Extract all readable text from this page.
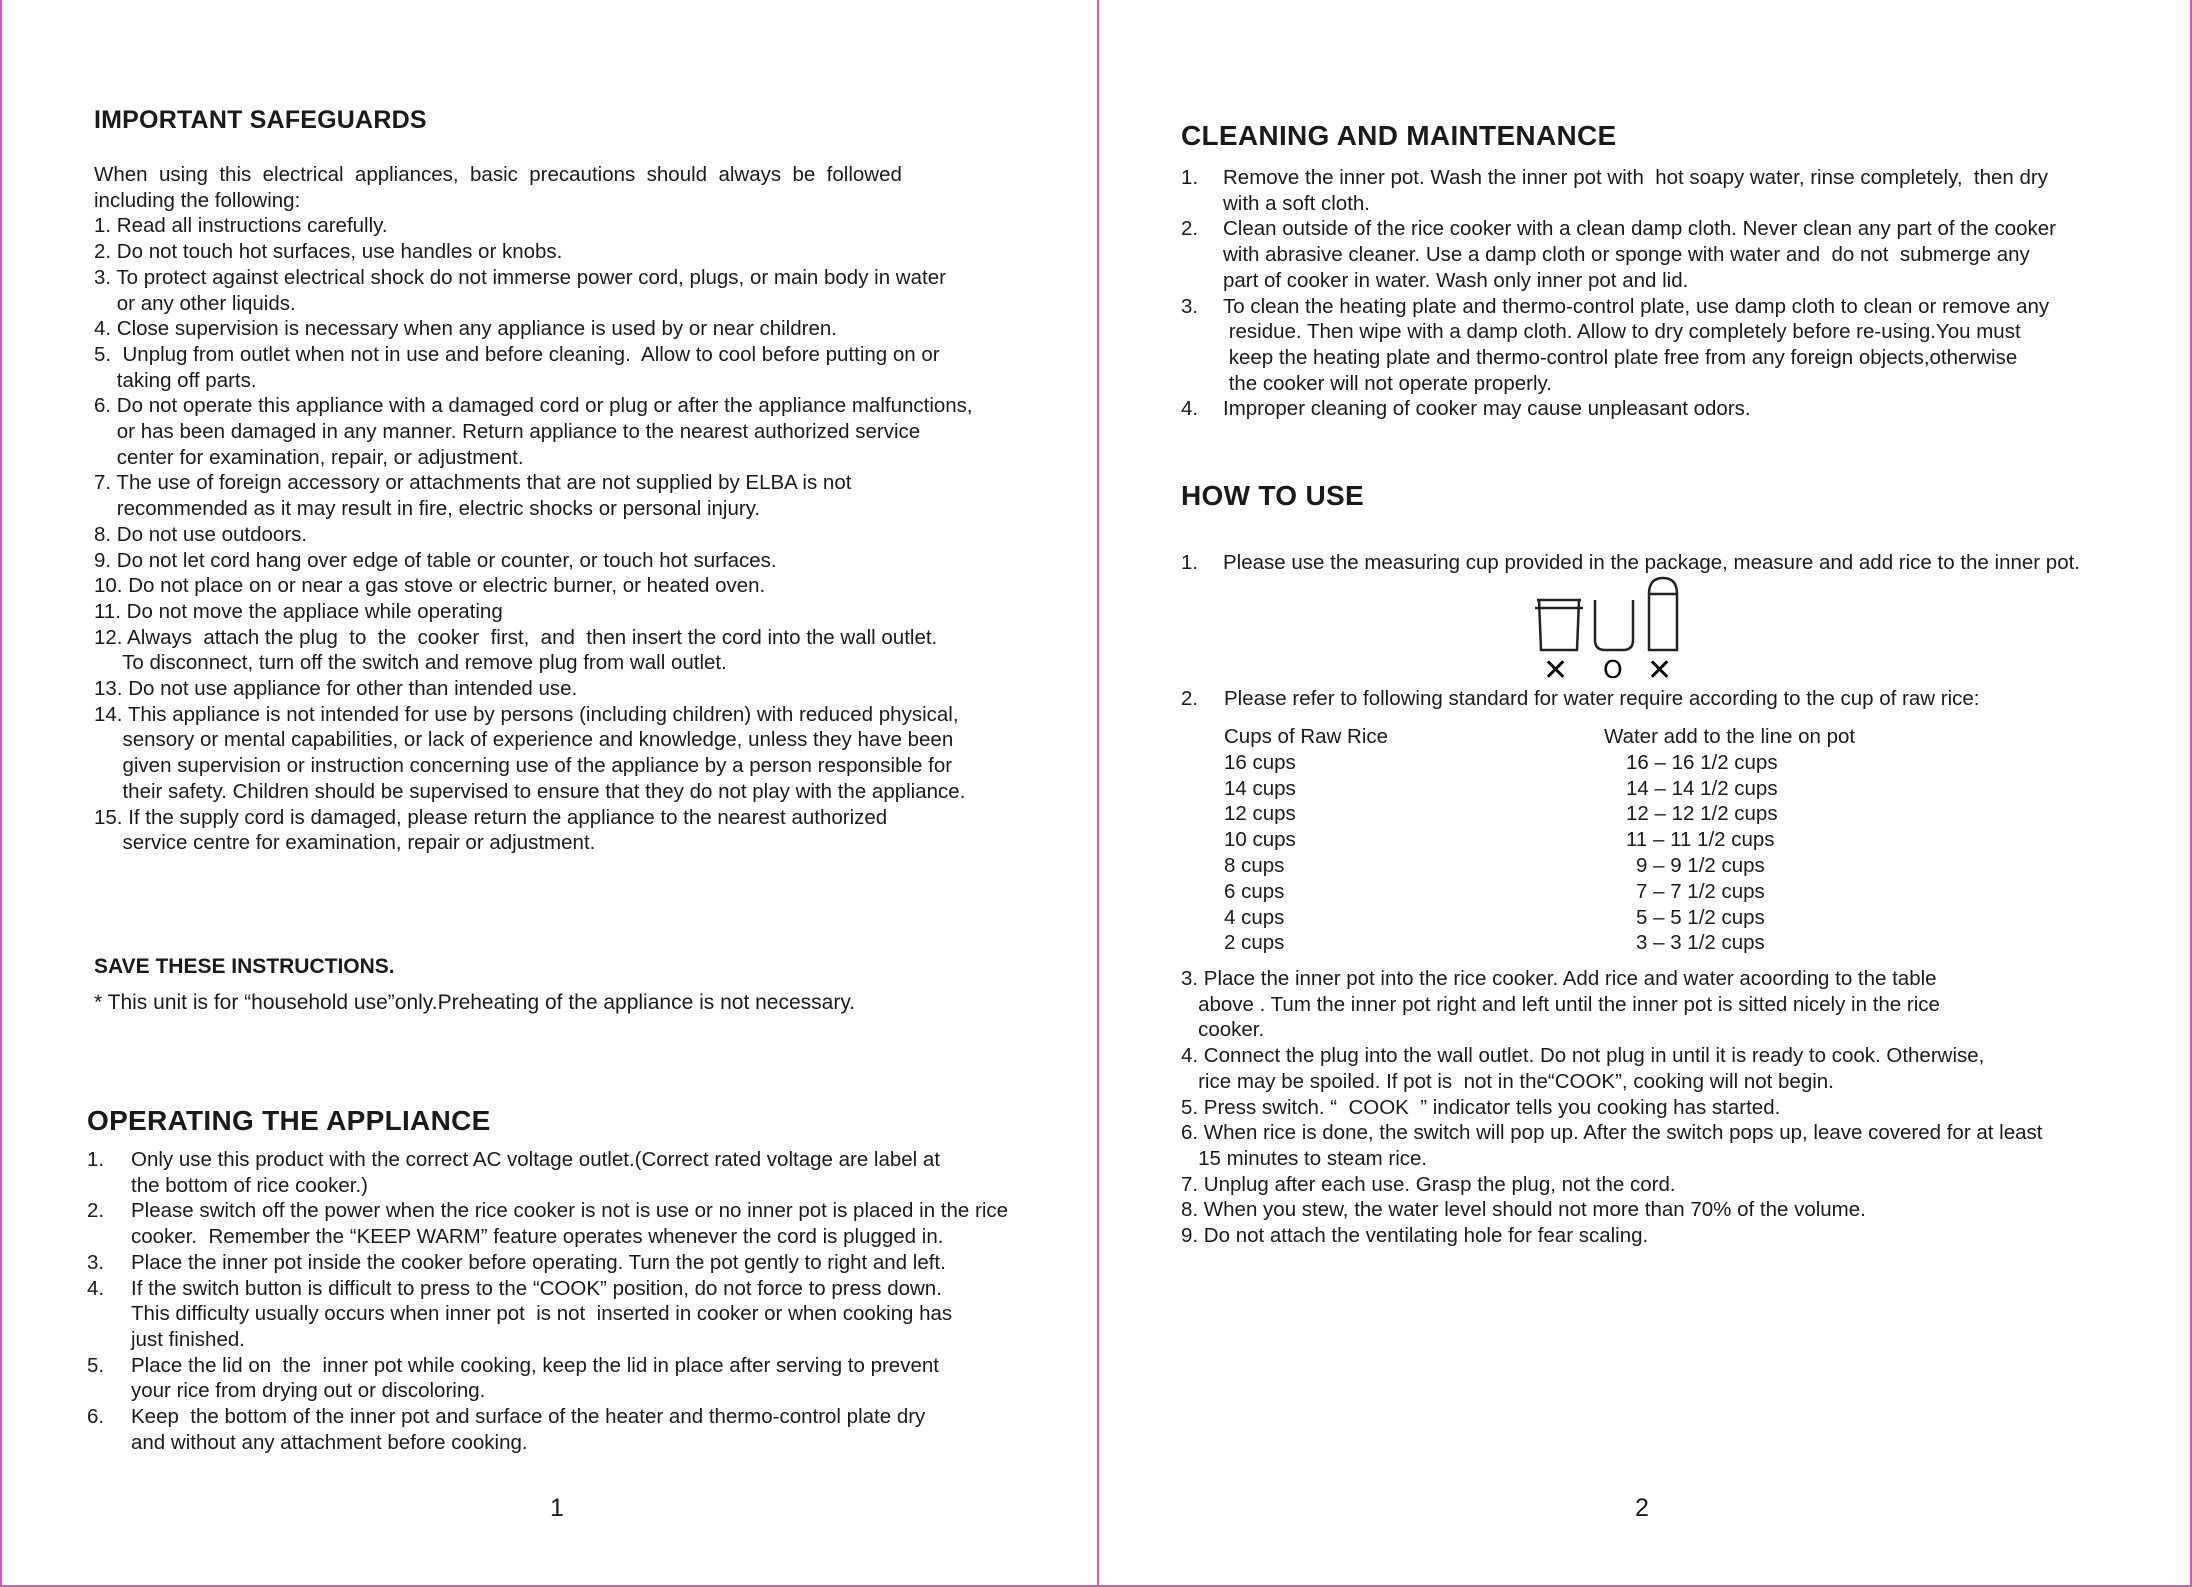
IMPORTANT SAFEGUARDS
When  using  this  electrical  appliances,  basic  precautions  should  always  be  followed
including the following:
1. Read all instructions carefully.
2. Do not touch hot surfaces, use handles or knobs.
3. To protect against electrical shock do not immerse power cord, plugs, or main body in water
or any other liquids.
4. Close supervision is necessary when any appliance is used by or near children.
5.  Unplug from outlet when not in use and before cleaning.  Allow to cool before putting on or
taking off parts.
6. Do not operate this appliance with a damaged cord or plug or after the appliance malfunctions,
or has been damaged in any manner. Return appliance to the nearest authorized service
center for examination, repair, or adjustment.
7. The use of foreign accessory or attachments that are not supplied by ELBA is not
recommended as it may result in fire, electric shocks or personal injury.
8. Do not use outdoors.
9. Do not let cord hang over edge of table or counter, or touch hot surfaces.
10. Do not place on or near a gas stove or electric burner, or heated oven.
11. Do not move the appliace while operating
12. Always  attach the plug  to  the  cooker  first,  and  then insert the cord into the wall outlet.
To disconnect, turn off the switch and remove plug from wall outlet.
13. Do not use appliance for other than intended use.
14. This appliance is not intended for use by persons (including children) with reduced physical,
sensory or mental capabilities, or lack of experience and knowledge, unless they have been
given supervision or instruction concerning use of the appliance by a person responsible for
their safety. Children should be supervised to ensure that they do not play with the appliance.
15. If the supply cord is damaged, please return the appliance to the nearest authorized
service centre for examination, repair or adjustment.
SAVE THESE INSTRUCTIONS.
* This unit is for “household use”only.Preheating of the appliance is not necessary.
OPERATING THE APPLIANCE
1. Only use this product with the correct AC voltage outlet.(Correct rated voltage are label at
the bottom of rice cooker.)
2. Please switch off the power when the rice cooker is not is use or no inner pot is placed in the rice
cooker.  Remember the “KEEP WARM” feature operates whenever the cord is plugged in.
3. Place the inner pot inside the cooker before operating. Turn the pot gently to right and left.
4. If the switch button is difficult to press to the “COOK” position, do not force to press down.
This difficulty usually occurs when inner pot  is not  inserted in cooker or when cooking has
just finished.
5. Place the lid on  the  inner pot while cooking, keep the lid in place after serving to prevent
your rice from drying out or discoloring.
6. Keep  the bottom of the inner pot and surface of the heater and thermo-control plate dry
and without any attachment before cooking.
1
CLEANING AND MAINTENANCE
1. Remove the inner pot. Wash the inner pot with  hot soapy water, rinse completely,  then dry
with a soft cloth.
2. Clean outside of the rice cooker with a clean damp cloth. Never clean any part of the cooker
with abrasive cleaner. Use a damp cloth or sponge with water and  do not  submerge any
part of cooker in water. Wash only inner pot and lid.
3. To clean the heating plate and thermo-control plate, use damp cloth to clean or remove any
residue. Then wipe with a damp cloth. Allow to dry completely before re-using.You must
keep the heating plate and thermo-control plate free from any foreign objects,otherwise
the cooker will not operate properly.
4. Improper cleaning of cooker may cause unpleasant odors.
HOW TO USE
1. Please use the measuring cup provided in the package, measure and add rice to the inner pot.
✕ O ✕
2. Please refer to following standard for water require according to the cup of raw rice:
Cups of Raw Rice
16 cups
14 cups
12 cups
10 cups
8 cups
6 cups
4 cups
2 cups
Water add to the line on pot
16 – 16 1/2 cups
14 – 14 1/2 cups
12 – 12 1/2 cups
11 – 11 1/2 cups
9 – 9 1/2 cups
7 – 7 1/2 cups
5 – 5 1/2 cups
3 – 3 1/2 cups
3. Place the inner pot into the rice cooker. Add rice and water acoording to the table
above . Tum the inner pot right and left until the inner pot is sitted nicely in the rice
cooker.
4. Connect the plug into the wall outlet. Do not plug in until it is ready to cook. Otherwise,
rice may be spoiled. If pot is  not in the“COOK”, cooking will not begin.
5. Press switch. “  COOK  ” indicator tells you cooking has started.
6. When rice is done, the switch will pop up. After the switch pops up, leave covered for at least
15 minutes to steam rice.
7. Unplug after each use. Grasp the plug, not the cord.
8. When you stew, the water level should not more than 70% of the volume.
9. Do not attach the ventilating hole for fear scaling.
2
